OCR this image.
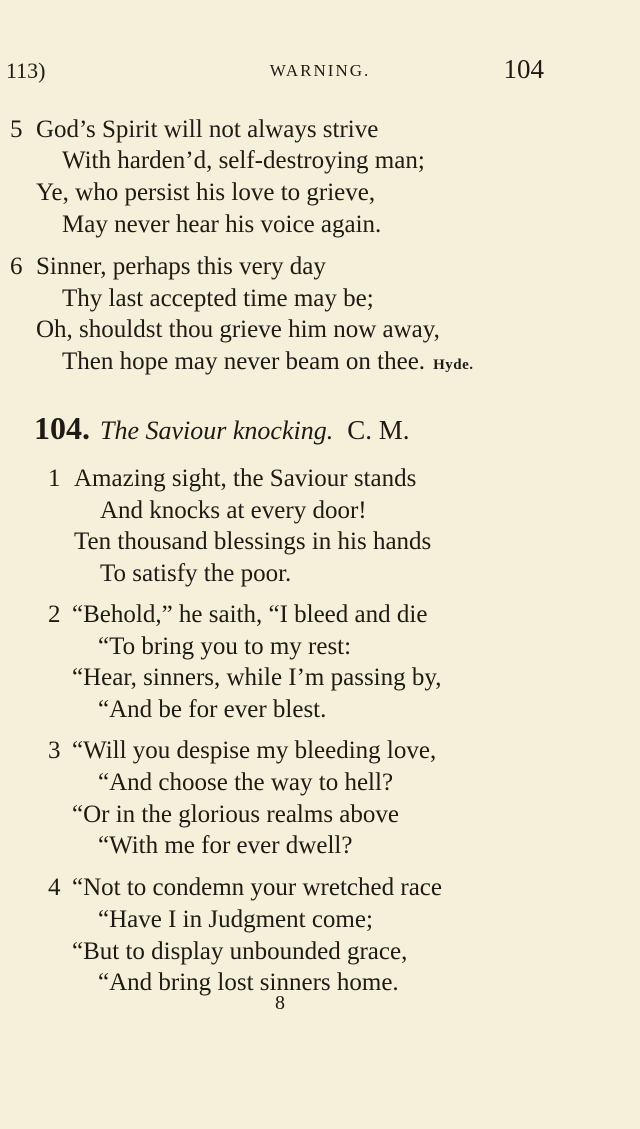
113)	WARNING.	104
5 God’s Spirit will not always strive
With harden’d, self-destroying man;
Ye, who persist his love to grieve,
May never hear his voice again.
6 Sinner, perhaps this very day
Thy last accepted time may be;
Oh, shouldst thou grieve him now away,
Then hope may never beam on thee. Hyde.
104. The Saviour knocking. C. M.
1 Amazing sight, the Saviour stands
And knocks at every door!
Ten thousand blessings in his hands
To satisfy the poor.
2 “Behold,” he saith, “I bleed and die
“To bring you to my rest:
“Hear, sinners, while I’m passing by,
“And be for ever blest.
3 “Will you despise my bleeding love,
“And choose the way to hell?
“Or in the glorious realms above
“With me for ever dwell?
4 “Not to condemn your wretched race
“Have I in Judgment come;
“But to display unbounded grace,
“And bring lost sinners home.
8
